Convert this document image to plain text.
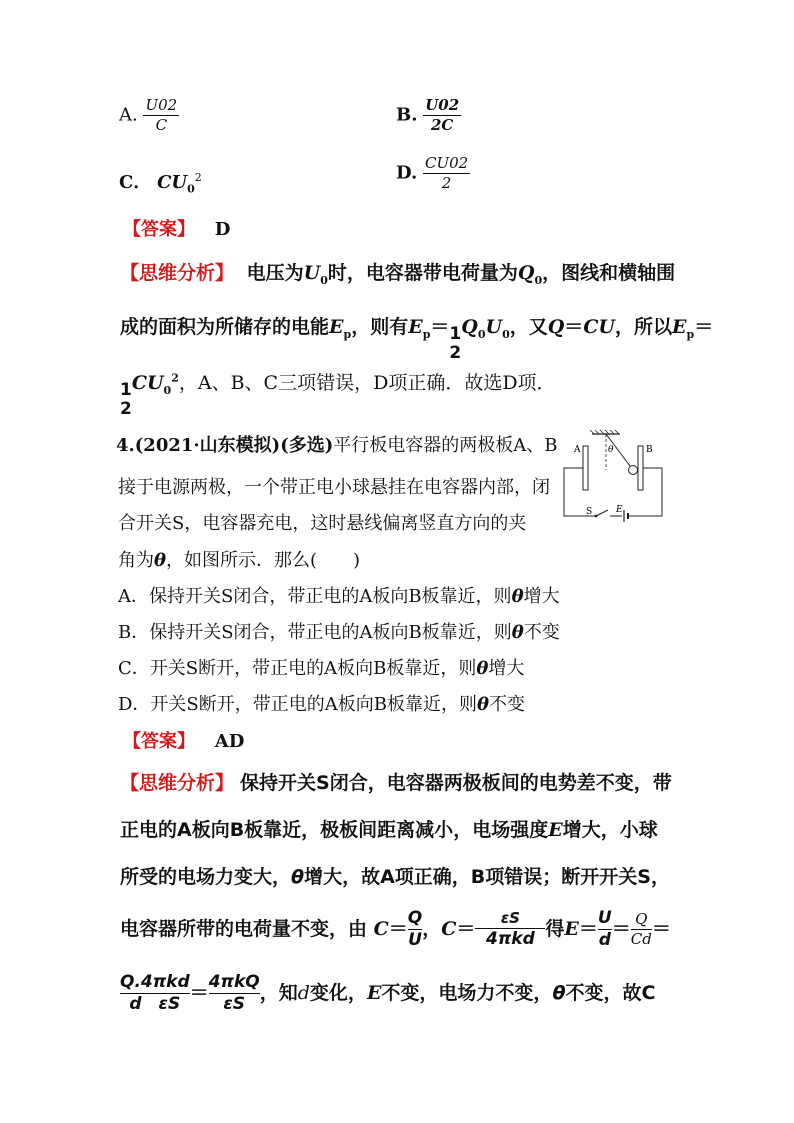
A. $\frac{U02}{C}$	B. $\frac{U02}{2C}$
C． $CU_0^2$	D. $\frac{CU02}{2}$
【答案】 D
【思维分析】 电压为$U_0$时，电容器带电荷量为$Q_0$，图线和横轴围
成的面积为所储存的电能$E_p$，则有$E_p= 1$
2
$Q_0U_0$，又Q＝CU，所以$E_p=$
1
2
$CU_0^2$，A、B、C三项错误，D项正确．故选D项．
4.(2021·山东模拟)(多选)平行板电容器的两极板A、B
接于电源两极，一个带正电小球悬挂在电容器内部，闭
合开关S，电容器充电，这时悬线偏离竖直方向的夹
角为θ，如图所示．那么(　　)
A	B
θ
S	E
A．保持开关S闭合，带正电的A板向B板靠近，则θ增大
B．保持开关S闭合，带正电的A板向B板靠近，则θ不变
C．开关S断开，带正电的A板向B板靠近，则θ增大
D．开关S断开，带正电的A板向B板靠近，则θ不变
【答案】 AD
【思维分析】 保持开关S闭合，电容器两极板间的电势差不变，带
正电的A板向B板靠近，极板间距离减小，电场强度E增大，小球
所受的电场力变大，θ增大，故A项正确，B项错误；断开开关S，
电容器所带的电荷量不变，由 $C= \frac{Q}{U}$ ，$C= \frac{\varepsilon S}{\text{4πkd}}$ 得$E= \frac{U}{d} = \frac{Q}{Cd}$ ＝
$\frac{\text{Q.4πkd}}{\text{d　εS}} = \frac{\text{4πkQ}}{\varepsilon S}$ ，知d变化，E不变，电场力不变，θ不变，故C
